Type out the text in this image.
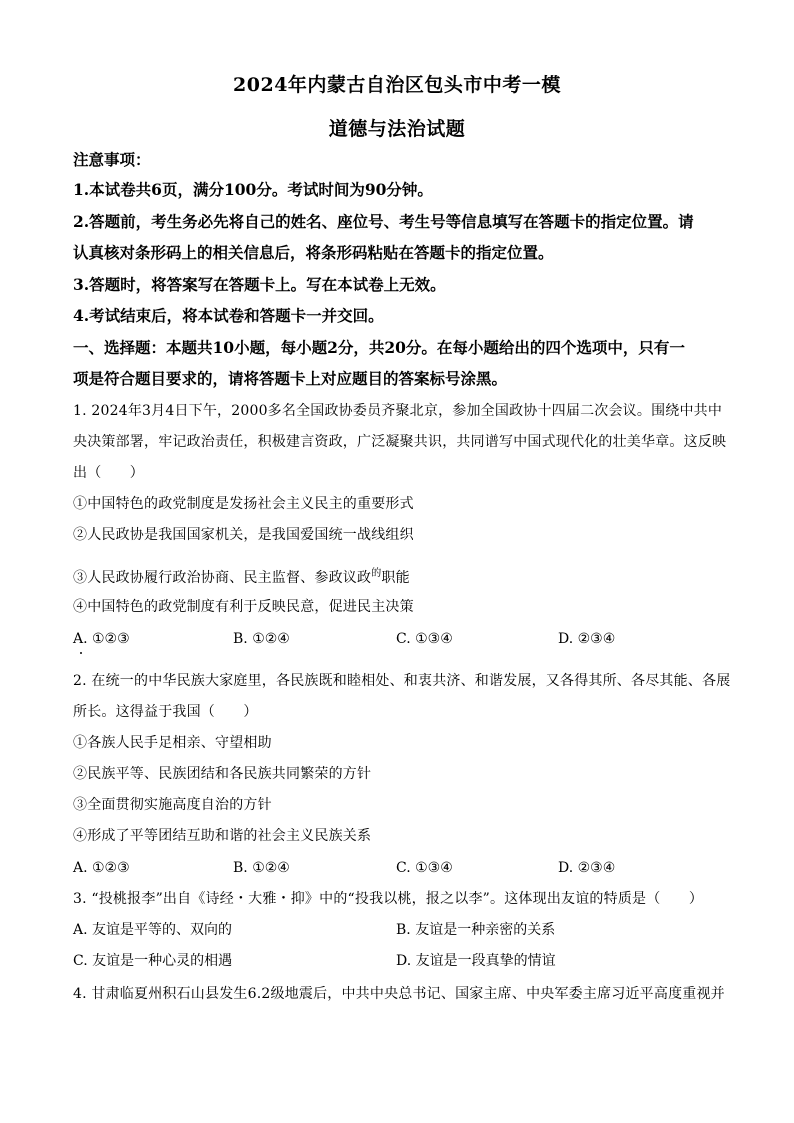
2024年内蒙古自治区包头市中考一模
道德与法治试题
注意事项：
1.本试卷共6页，满分100分。考试时间为90分钟。
2.答题前，考生务必先将自己的姓名、座位号、考生号等信息填写在答题卡的指定位置。请
认真核对条形码上的相关信息后，将条形码粘贴在答题卡的指定位置。
3.答题时，将答案写在答题卡上。写在本试卷上无效。
4.考试结束后，将本试卷和答题卡一并交回。
一、选择题：本题共10小题，每小题2分，共20分。在每小题给出的四个选项中，只有一
项是符合题目要求的，请将答题卡上对应题目的答案标号涂黑。
1. 2024年3月4日下午，2000多名全国政协委员齐聚北京，参加全国政协十四届二次会议。围绕中共中
央决策部署，牢记政治责任，积极建言资政，广泛凝聚共识，共同谱写中国式现代化的壮美华章。这反映
出（　　）
①中国特色的政党制度是发扬社会主义民主的重要形式
②人民政协是我国国家机关，是我国爱国统一战线组织
③人民政协履行政治协商、民主监督、参政议政$^的$职能
④中国特色的政党制度有利于反映民意，促进民主决策
A. ①②③	B. ①②④	C. ①③④	D. ②③④
2. 在统一的中华民族大家庭里，各民族既和睦相处、和衷共济、和谐发展，又各得其所、各尽其能、各展
所长。这得益于我国（　　）
①各族人民手足相亲、守望相助
②民族平等、民族团结和各民族共同繁荣的方针
③全面贯彻实施高度自治的方针
④形成了平等团结互助和谐的社会主义民族关系
A. ①②③	B. ①②④	C. ①③④	D. ②③④
3. “投桃报李”出自《诗经・大雅・抑》中的“投我以桃，报之以李”。这体现出友谊的特质是（　　）
A. 友谊是平等的、双向的	B. 友谊是一种亲密的关系
C. 友谊是一种心灵的相遇	D. 友谊是一段真挚的情谊
4. 甘肃临夏州积石山县发生6.2级地震后，中共中央总书记、国家主席、中央军委主席习近平高度重视并
